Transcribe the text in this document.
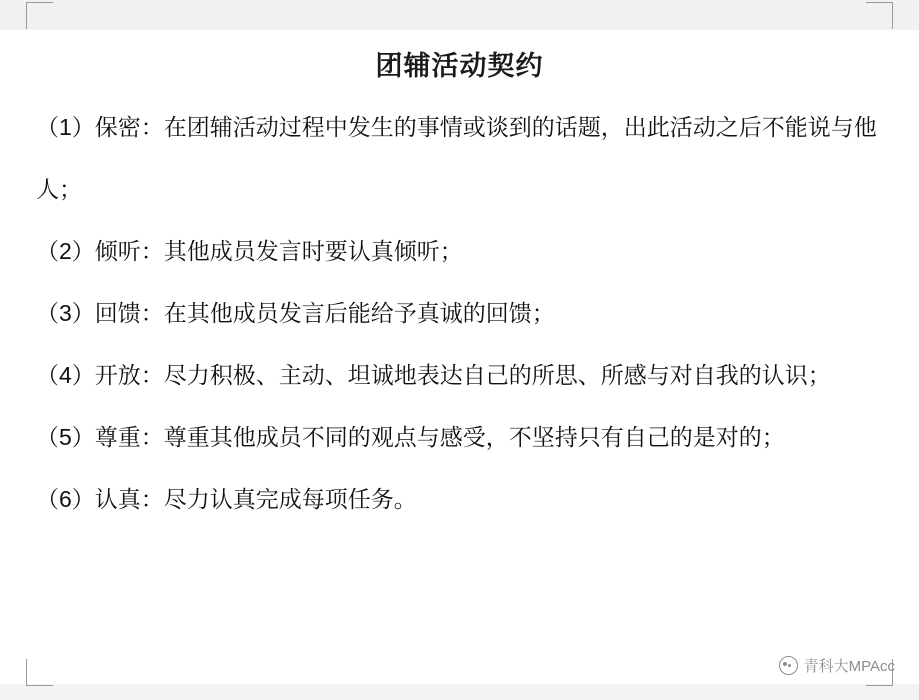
团辅活动契约

（1）保密：在团辅活动过程中发生的事情或谈到的话题，出此活动之后不能说与他人；

（2）倾听：其他成员发言时要认真倾听；

（3）回馈：在其他成员发言后能给予真诚的回馈；

（4）开放：尽力积极、主动、坦诚地表达自己的所思、所感与对自我的认识；

（5）尊重：尊重其他成员不同的观点与感受，不坚持只有自己的是对的；

（6）认真：尽力认真完成每项任务。

青科大MPAcc
